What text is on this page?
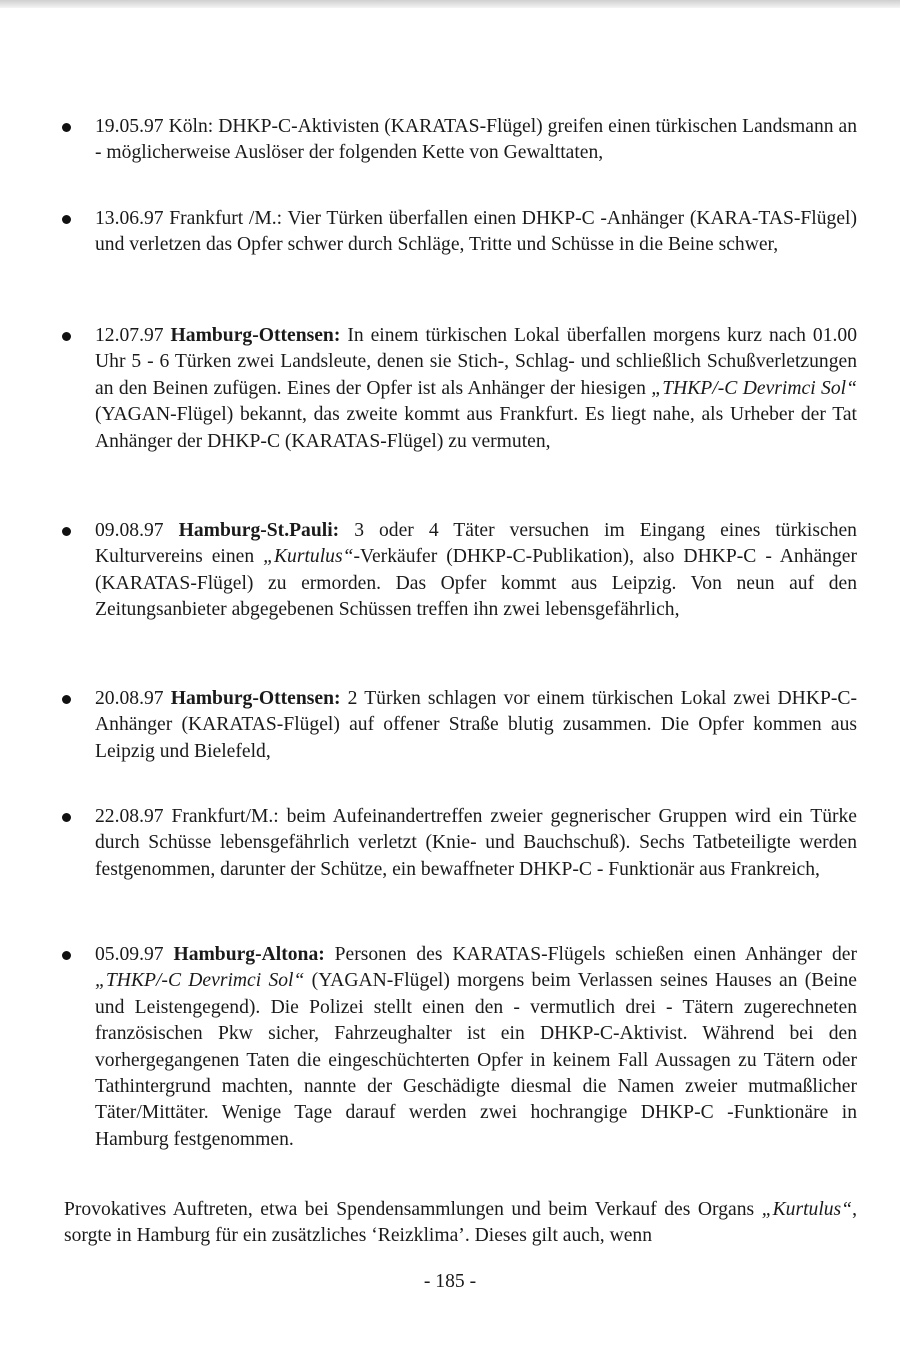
19.05.97 Köln: DHKP-C-Aktivisten (KARATAS-Flügel) greifen einen türkischen Landsmann an - möglicherweise Auslöser der folgenden Kette von Gewalttaten,
13.06.97 Frankfurt /M.: Vier Türken überfallen einen DHKP-C -Anhänger (KARA-TAS-Flügel) und verletzen das Opfer schwer durch Schläge, Tritte und Schüsse in die Beine schwer,
12.07.97 Hamburg-Ottensen: In einem türkischen Lokal überfallen morgens kurz nach 01.00 Uhr 5 - 6 Türken zwei Landsleute, denen sie Stich-, Schlag- und schließlich Schußverletzungen an den Beinen zufügen. Eines der Opfer ist als Anhänger der hiesigen „THKP/-C Devrimci Sol“ (YAGAN-Flügel) bekannt, das zweite kommt aus Frankfurt. Es liegt nahe, als Urheber der Tat Anhänger der DHKP-C (KARATAS-Flügel) zu vermuten,
09.08.97 Hamburg-St.Pauli: 3 oder 4 Täter versuchen im Eingang eines türkischen Kulturvereins einen „Kurtulus“-Verkäufer (DHKP-C-Publikation), also DHKP-C - Anhänger (KARATAS-Flügel) zu ermorden. Das Opfer kommt aus Leipzig. Von neun auf den Zeitungsanbieter abgegebenen Schüssen treffen ihn zwei lebensgefährlich,
20.08.97 Hamburg-Ottensen: 2 Türken schlagen vor einem türkischen Lokal zwei DHKP-C-Anhänger (KARATAS-Flügel) auf offener Straße blutig zusammen. Die Opfer kommen aus Leipzig und Bielefeld,
22.08.97 Frankfurt/M.: beim Aufeinandertreffen zweier gegnerischer Gruppen wird ein Türke durch Schüsse lebensgefährlich verletzt (Knie- und Bauchschuß). Sechs Tatbeteiligte werden festgenommen, darunter der Schütze, ein bewaffneter DHKP-C - Funktionär aus Frankreich,
05.09.97 Hamburg-Altona: Personen des KARATAS-Flügels schießen einen Anhänger der „THKP/-C Devrimci Sol“ (YAGAN-Flügel) morgens beim Verlassen seines Hauses an (Beine und Leistengegend). Die Polizei stellt einen den - vermutlich drei - Tätern zugerechneten französischen Pkw sicher, Fahrzeughalter ist ein DHKP-C-Aktivist. Während bei den vorhergegangenen Taten die eingeschüchterten Opfer in keinem Fall Aussagen zu Tätern oder Tathintergrund machten, nannte der Geschädigte diesmal die Namen zweier mutmaßlicher Täter/Mittäter. Wenige Tage darauf werden zwei hochrangige DHKP-C -Funktionäre in Hamburg festgenommen.

Provokatives Auftreten, etwa bei Spendensammlungen und beim Verkauf des Organs „Kurtulus“, sorgte in Hamburg für ein zusätzliches ‘Reizklima’. Dieses gilt auch, wenn

- 185 -
